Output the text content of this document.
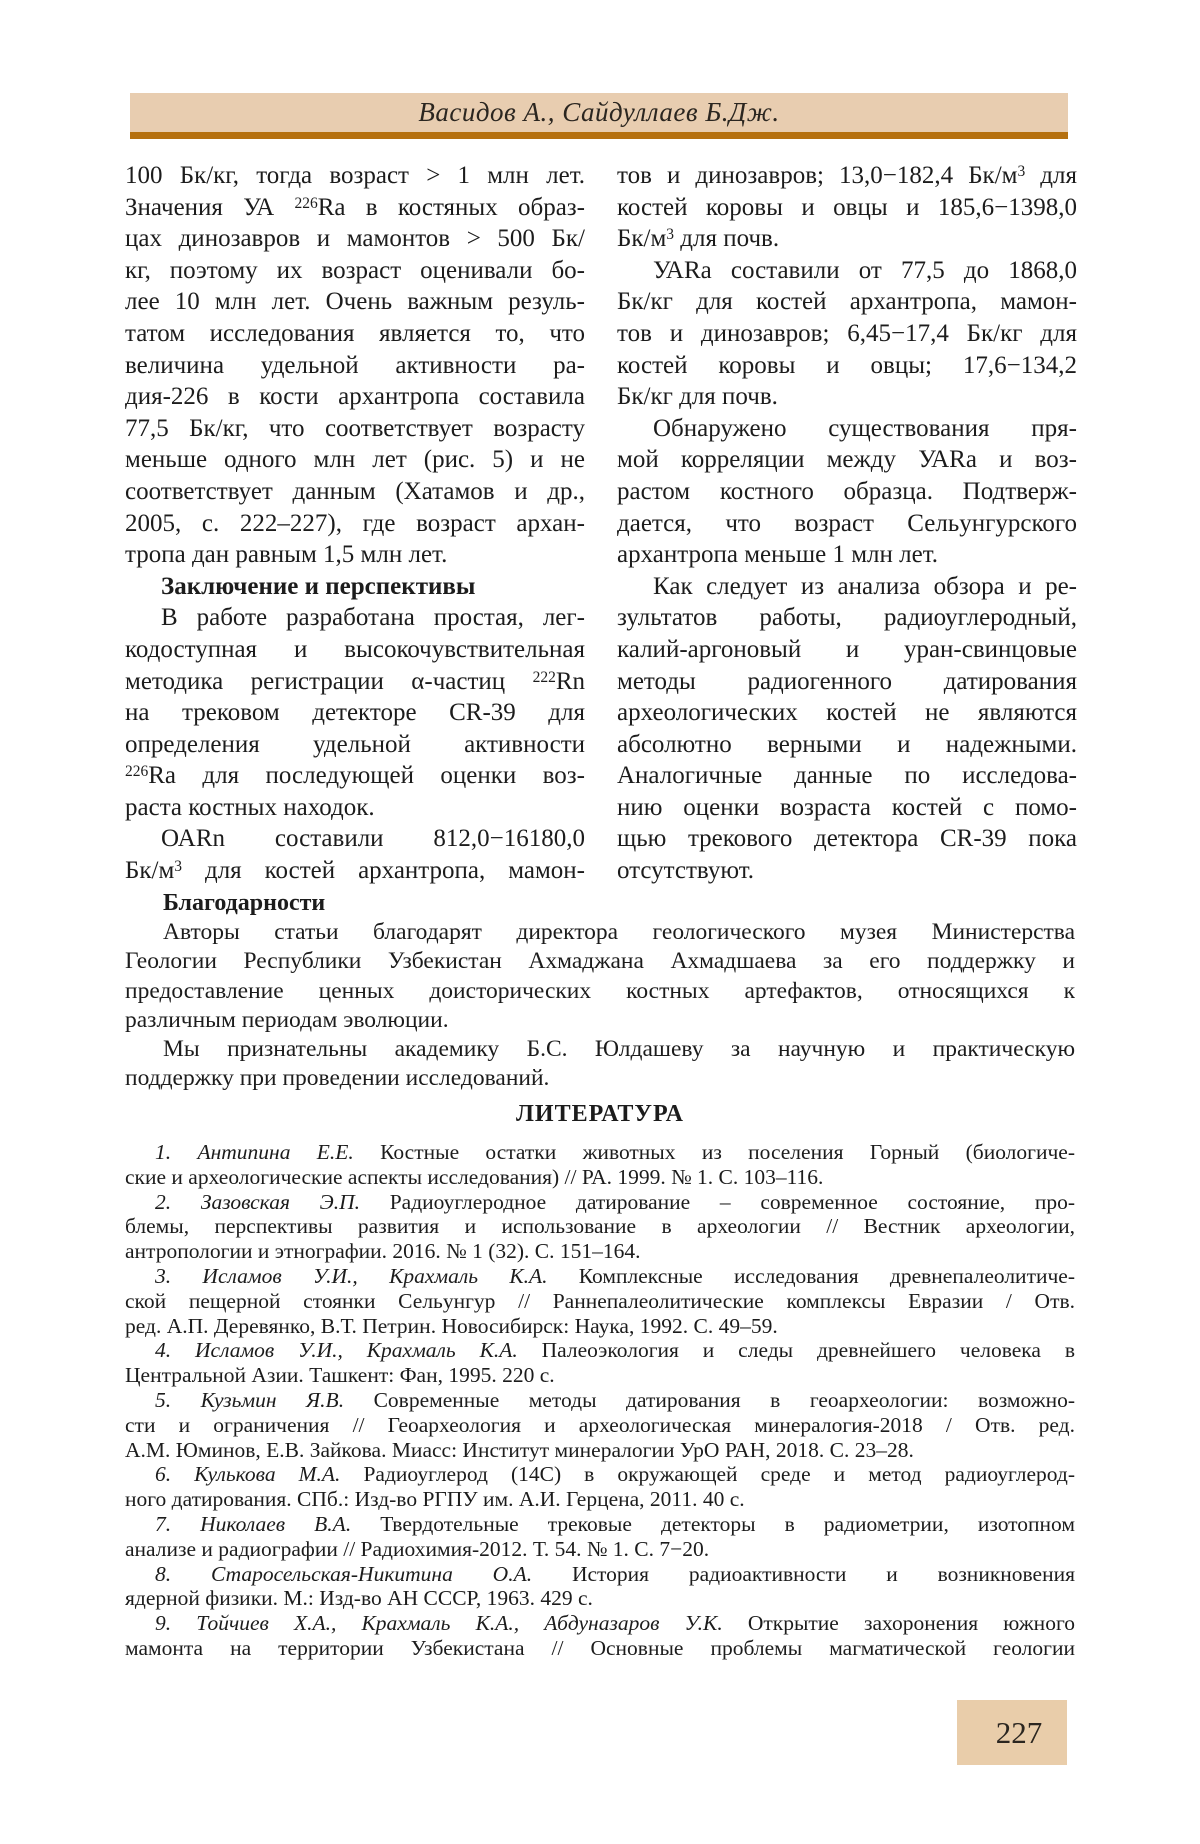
Васидов А., Сайдуллаев Б.Дж.
100 Бк/кг, тогда возраст > 1 млн лет.
Значения УА $^{226}$Ra в костяных образ-
цах динозавров и мамонтов > 500 Бк/
кг, поэтому их возраст оценивали бо-
лее 10 млн лет. Очень важным резуль-
татом исследования является то, что
величина удельной активности ра-
дия-226 в кости архантропа составила
77,5 Бк/кг, что соответствует возрасту
меньше одного млн лет (рис. 5) и не
соответствует данным (Хатамов и др.,
2005, с. 222–227), где возраст архан-
тропа дан равным 1,5 млн лет.
Заключение и перспективы
В работе разработана простая, лег-
кодоступная и высокочувствительная
методика регистрации α-частиц $^{222}$Rn
на трековом детекторе CR-39 для
определения удельной активности
$^{226}$Ra для последующей оценки воз-
раста костных находок.
ОАRn составили 812,0−16180,0
$Бк/м^3$ для костей архантропа, мамон-
тов и динозавров; 13,0−182,4 $Бк/м^3$ для
костей коровы и овцы и 185,6−1398,0
$Бк/м^3$ для почв.
УАRa составили от 77,5 до 1868,0
Бк/кг для костей архантропа, мамон-
тов и динозавров; 6,45−17,4 Бк/кг для
костей коровы и овцы; 17,6−134,2
Бк/кг для почв.
Обнаружено существования пря-
мой корреляции между УАRa и воз-
растом костного образца. Подтверж-
дается, что возраст Сельунгурского
архантропа меньше 1 млн лет.
Как следует из анализа обзора и ре-
зультатов работы, радиоуглеродный,
калий-аргоновый и уран-свинцовые
методы радиогенного датирования
археологических костей не являются
абсолютно верными и надежными.
Аналогичные данные по исследова-
нию оценки возраста костей с помо-
щью трекового детектора CR-39 пока
отсутствуют.
Благодарности
Авторы статьи благодарят директора геологического музея Министерства
Геологии Республики Узбекистан Ахмаджана Ахмадшаева за его поддержку и
предоставление ценных доисторических костных артефактов, относящихся к
различным периодам эволюции.
Мы признательны академику Б.С. Юлдашеву за научную и практическую
поддержку при проведении исследований.
ЛИТЕРАТУРА
1. Антипина Е.Е. Костные остатки животных из поселения Горный (биологиче-
ские и археологические аспекты исследования) // РА. 1999. № 1. С. 103–116.
2. Зазовская Э.П. Радиоуглеродное датирование – современное состояние, про-
блемы, перспективы развития и использование в археологии // Вестник археологии,
антропологии и этнографии. 2016. № 1 (32). С. 151–164.
3. Исламов У.И., Крахмаль К.А. Комплексные исследования древнепалеолитиче-
ской пещерной стоянки Сельунгур // Раннепалеолитические комплексы Евразии / Отв.
ред. А.П. Деревянко, В.Т. Петрин. Новосибирск: Наука, 1992. С. 49–59.
4. Исламов У.И., Крахмаль К.А. Палеоэкология и следы древнейшего человека в
Центральной Азии. Ташкент: Фан, 1995. 220 с.
5. Кузьмин Я.В. Современные методы датирования в геоархеологии: возможно-
сти и ограничения // Геоархеология и археологическая минералогия-2018 / Отв. ред.
А.М. Юминов, Е.В. Зайкова. Миасс: Институт минералогии УрО РАН, 2018. С. 23–28.
6. Кулькова М.А. Радиоуглерод (14С) в окружающей среде и метод радиоуглерод-
ного датирования. СПб.: Изд-во РГПУ им. А.И. Герцена, 2011. 40 с.
7. Николаев В.А. Твердотельные трековые детекторы в радиометрии, изотопном
анализе и радиографии // Радиохимия-2012. Т. 54. № 1. С. 7−20.
8. Старосельская-Никитина О.А. История радиоактивности и возникновения
ядерной физики. М.: Изд-во АН СССР, 1963. 429 с.
9. Тойчиев Х.А., Крахмаль К.А., Абдуназаров У.К. Открытие захоронения южного
мамонта на территории Узбекистана // Основные проблемы магматической геологии
227
